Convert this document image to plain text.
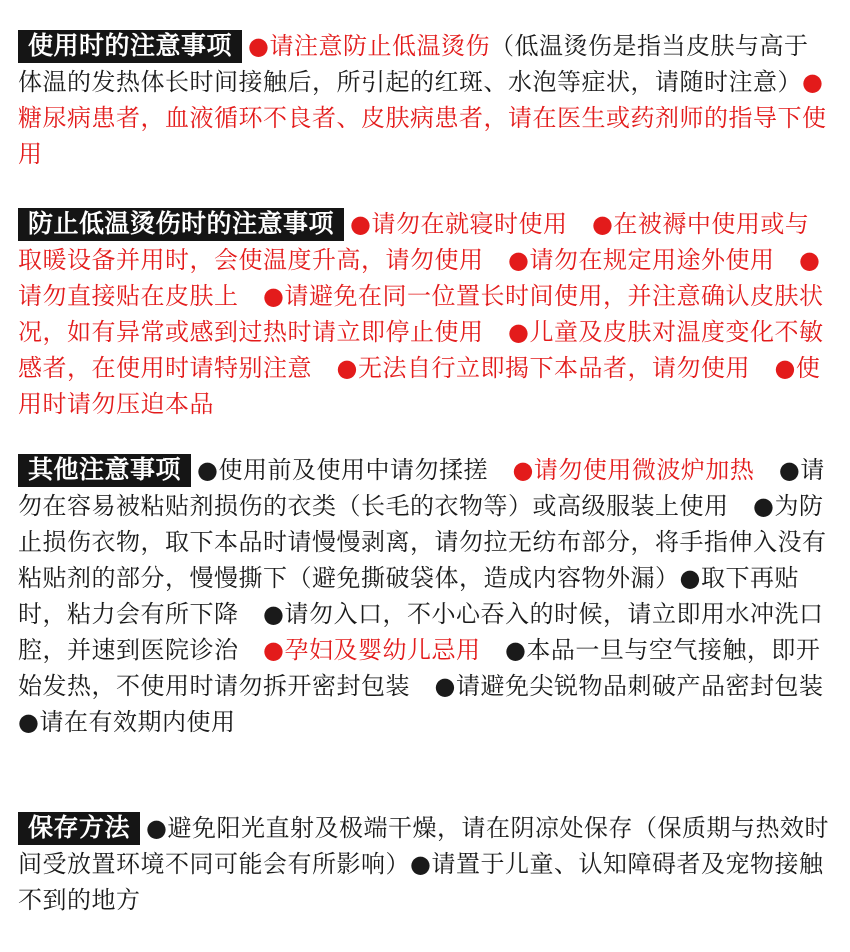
使用时的注意事项 ●请注意防止低温烫伤（低温烫伤是指当皮肤与高于体温的发热体长时间接触后，所引起的红斑、水泡等症状，请随时注意）●糖尿病患者，血液循环不良者、皮肤病患者，请在医生或药剂师的指导下使用
防止低温烫伤时的注意事项 ●请勿在就寝时使用　 ●在被褥中使用或与取暖设备并用时，会使温度升高，请勿使用　 ●请勿在规定用途外使用　 ●请勿直接贴在皮肤上　 ●请避免在同一位置长时间使用，并注意确认皮肤状况，如有异常或感到过热时请立即停止使用　 ●儿童及皮肤对温度变化不敏感者，在使用时请特别注意　 ●无法自行立即揭下本品者，请勿使用　 ●使用时请勿压迫本品
其他注意事项 ●使用前及使用中请勿揉搓　 ●请勿使用微波炉加热　 ●请勿在容易被粘贴剂损伤的衣类（长毛的衣物等）或高级服装上使用　 ●为防止损伤衣物，取下本品时请慢慢剥离，请勿拉无纺布部分，将手指伸入没有粘贴剂的部分，慢慢撕下（避免撕破袋体，造成内容物外漏）●取下再贴时，粘力会有所下降　 ●请勿入口，不小心吞入的时候，请立即用水冲洗口腔，并速到医院诊治　 ●孕妇及婴幼儿忌用　 ●本品一旦与空气接触，即开始发热，不使用时请勿拆开密封包装　 ●请避免尖锐物品刺破产品密封包装　●请在有效期内使用
保存方法 ●避免阳光直射及极端干燥，请在阴凉处保存（保质期与热效时间受放置环境不同可能会有所影响）●请置于儿童、认知障碍者及宠物接触不到的地方
